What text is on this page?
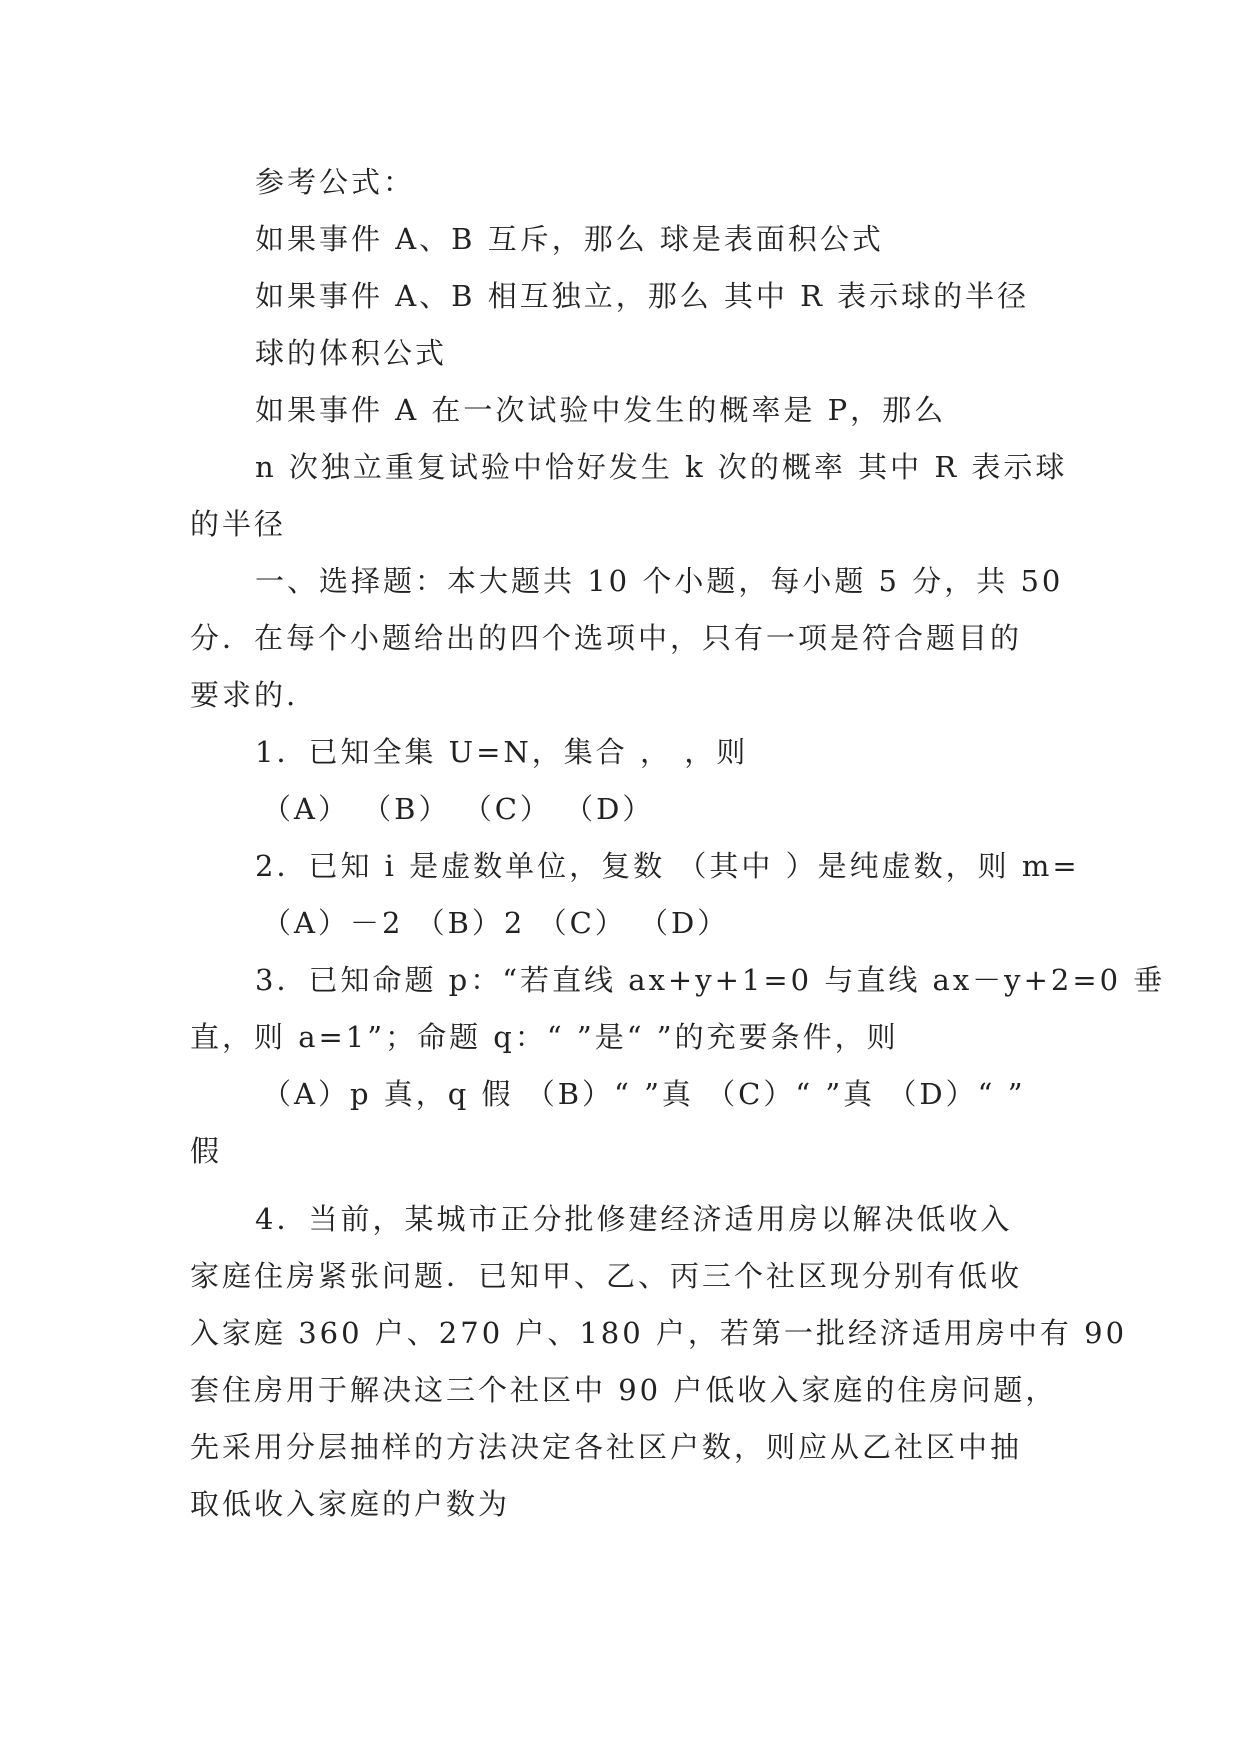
参考公式：
如果事件 A、B 互斥，那么 球是表面积公式
如果事件 A、B 相互独立，那么 其中 R 表示球的半径
球的体积公式
如果事件 A 在一次试验中发生的概率是 P，那么
n 次独立重复试验中恰好发生 k 次的概率 其中 R 表示球
的半径
一、选择题：本大题共 10 个小题，每小题 5 分，共 50
分．在每个小题给出的四个选项中，只有一项是符合题目的
要求的.
1．已知全集 U=N，集合 ， ，则
（A） （B） （C） （D）
2．已知 i 是虚数单位，复数 （其中 ）是纯虚数，则 m=
（A）－2 （B）2 （C） （D）
3．已知命题 p：“若直线 ax+y+1=0 与直线 ax－y+2=0 垂
直，则 a=1”；命题 q：“ ”是“ ”的充要条件，则
（A）p 真，q 假 （B）“ ”真 （C）“ ”真 （D）“ ”
假
4．当前，某城市正分批修建经济适用房以解决低收入
家庭住房紧张问题．已知甲、乙、丙三个社区现分别有低收
入家庭 360 户、270 户、180 户，若第一批经济适用房中有 90
套住房用于解决这三个社区中 90 户低收入家庭的住房问题，
先采用分层抽样的方法决定各社区户数，则应从乙社区中抽
取低收入家庭的户数为
